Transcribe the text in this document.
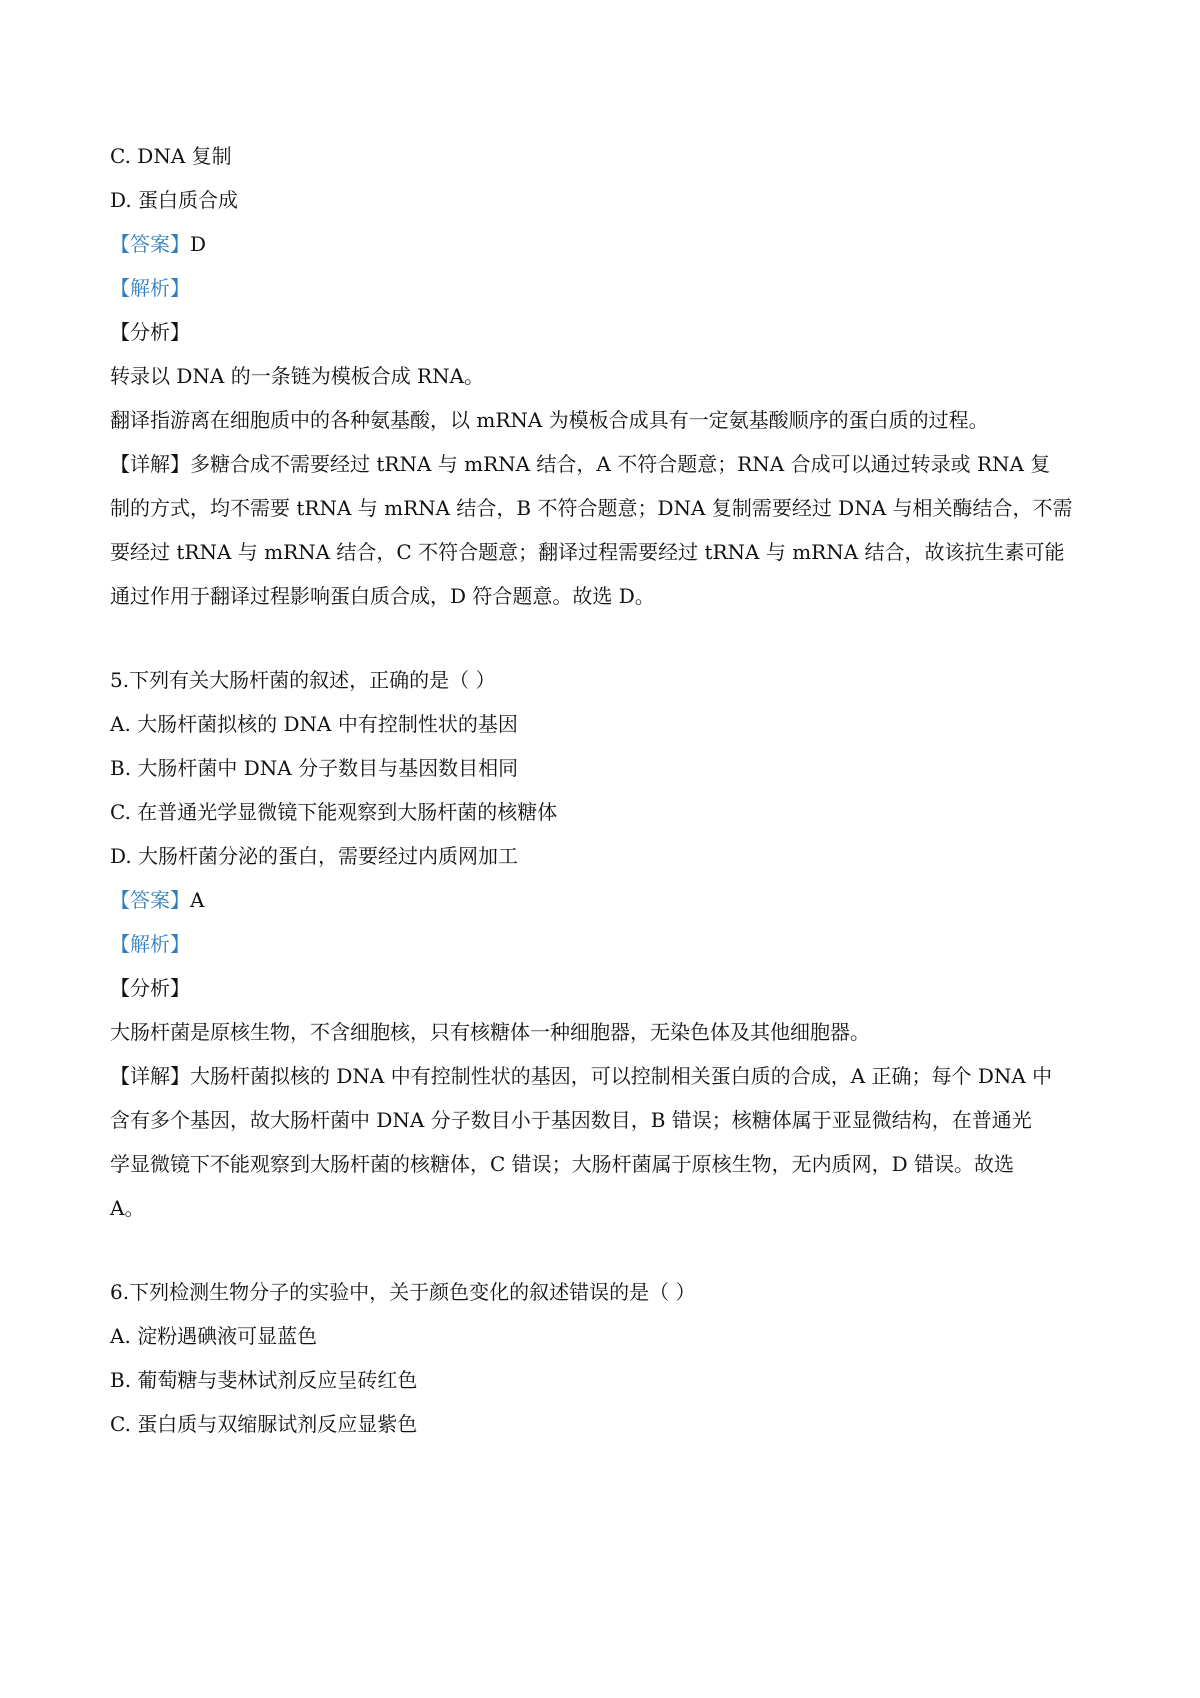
C. DNA 复制
D. 蛋白质合成
【答案】D
【解析】
【分析】
转录以 DNA 的一条链为模板合成 RNA。
翻译指游离在细胞质中的各种氨基酸，以 mRNA 为模板合成具有一定氨基酸顺序的蛋白质的过程。
【详解】多糖合成不需要经过 tRNA 与 mRNA 结合，A 不符合题意；RNA 合成可以通过转录或 RNA 复
制的方式，均不需要 tRNA 与 mRNA 结合，B 不符合题意；DNA 复制需要经过 DNA 与相关酶结合，不需
要经过 tRNA 与 mRNA 结合，C 不符合题意；翻译过程需要经过 tRNA 与 mRNA 结合，故该抗生素可能
通过作用于翻译过程影响蛋白质合成，D 符合题意。故选 D。
5.下列有关大肠杆菌的叙述，正确的是（ ）
A. 大肠杆菌拟核的 DNA 中有控制性状的基因
B. 大肠杆菌中 DNA 分子数目与基因数目相同
C. 在普通光学显微镜下能观察到大肠杆菌的核糖体
D. 大肠杆菌分泌的蛋白，需要经过内质网加工
【答案】A
【解析】
【分析】
大肠杆菌是原核生物，不含细胞核，只有核糖体一种细胞器，无染色体及其他细胞器。
【详解】大肠杆菌拟核的 DNA 中有控制性状的基因，可以控制相关蛋白质的合成，A 正确；每个 DNA 中
含有多个基因，故大肠杆菌中 DNA 分子数目小于基因数目，B 错误；核糖体属于亚显微结构，在普通光
学显微镜下不能观察到大肠杆菌的核糖体，C 错误；大肠杆菌属于原核生物，无内质网，D 错误。故选
A。
6.下列检测生物分子的实验中，关于颜色变化的叙述错误的是（ ）
A. 淀粉遇碘液可显蓝色
B. 葡萄糖与斐林试剂反应呈砖红色
C. 蛋白质与双缩脲试剂反应显紫色
